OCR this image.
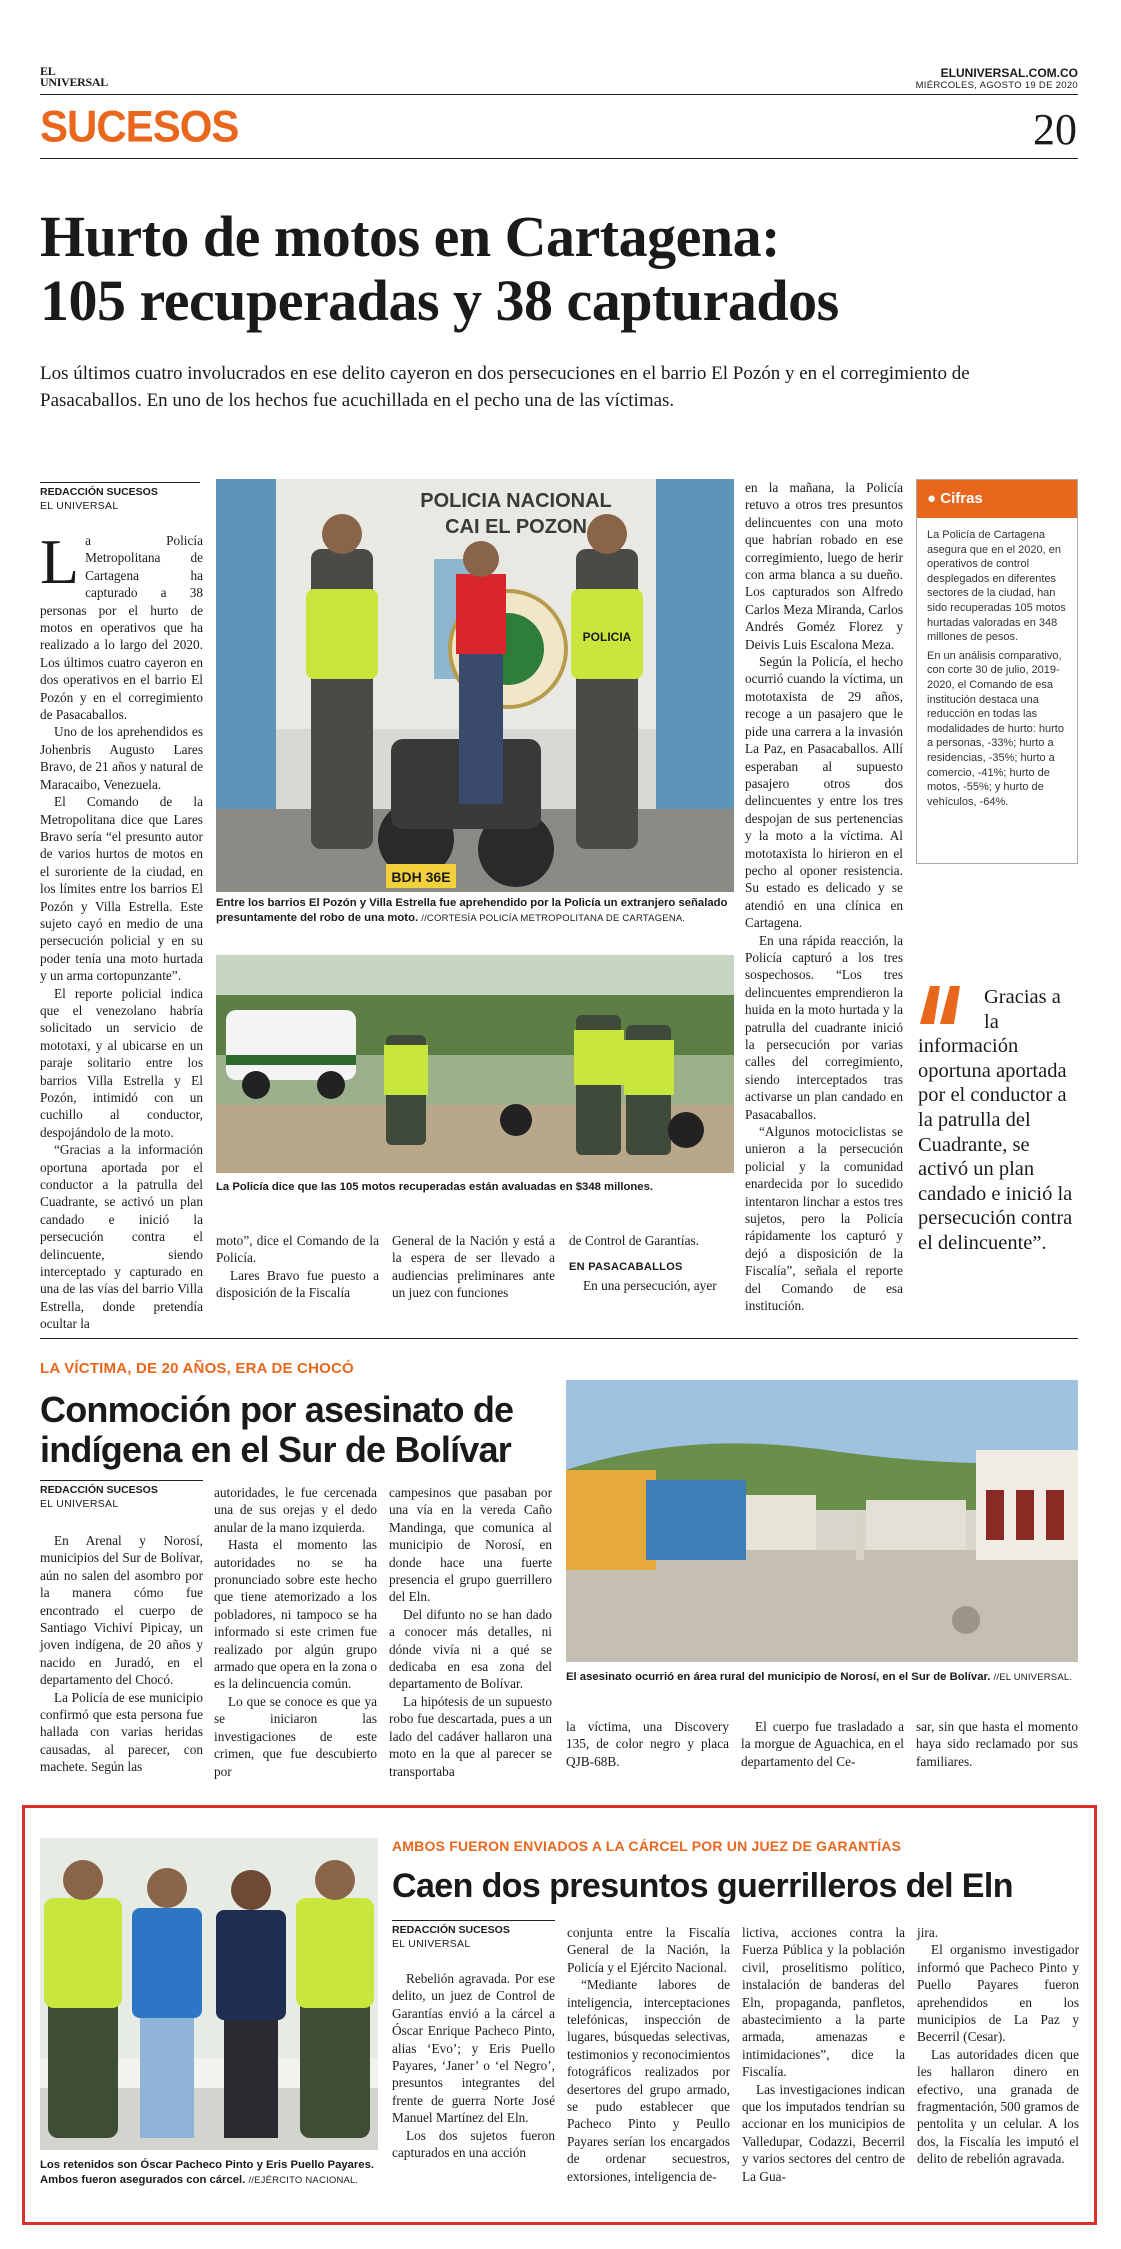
EL
UNIVERSAL
ELUNIVERSAL.COM.CO
MIÉRCOLES, AGOSTO 19 DE 2020
SUCESOS	20
Hurto de motos en Cartagena:
105 recuperadas y 38 capturados
Los últimos cuatro involucrados en ese delito cayeron en dos persecuciones en el barrio El Pozón y en el corregimiento de Pasacaballos. En uno de los hechos fue acuchillada en el pecho una de las víctimas.
REDACCIÓN SUCESOS
EL UNIVERSAL

La Policía Metropolitana de Cartagena ha capturado a 38 personas por el hurto de motos en operativos que ha realizado a lo largo del 2020. Los últimos cuatro cayeron en dos operativos en el barrio El Pozón y en el corregimiento de Pasacaballos.

Uno de los aprehendidos es Johenbris Augusto Lares Bravo, de 21 años y natural de Maracaibo, Venezuela.

El Comando de la Metropolitana dice que Lares Bravo sería “el presunto autor de varios hurtos de motos en el suroriente de la ciudad, en los límites entre los barrios El Pozón y Villa Estrella. Este sujeto cayó en medio de una persecución policial y en su poder tenía una moto hurtada y un arma cortopunzante”.

El reporte policial indica que el venezolano habría solicitado un servicio de mototaxi, y al ubicarse en un paraje solitario entre los barrios Villa Estrella y El Pozón, intimidó con un cuchillo al conductor, despojándolo de la moto.

“Gracias a la información oportuna aportada por el conductor a la patrulla del Cuadrante, se activó un plan candado e inició la persecución contra el delincuente, siendo interceptado y capturado en una de las vías del barrio Villa Estrella, donde pretendía ocultar la

POLICIA NACIONAL
CAI EL POZON
BDH 36E
POLICIA
Entre los barrios El Pozón y Villa Estrella fue aprehendido por la Policía un extranjero señalado presuntamente del robo de una moto. //CORTESÍA POLICÍA METROPOLITANA DE CARTAGENA.
La Policía dice que las 105 motos recuperadas están avaluadas en $348 millones.

moto”, dice el Comando de la Policía.

Lares Bravo fue puesto a disposición de la Fiscalía

General de la Nación y está a la espera de ser llevado a audiencias preliminares ante un juez con funciones

de Control de Garantías.

EN PASACABALLOS

En una persecución, ayer

en la mañana, la Policía retuvo a otros tres presuntos delincuentes con una moto que habrían robado en ese corregimiento, luego de herir con arma blanca a su dueño. Los capturados son Alfredo Carlos Meza Miranda, Carlos Andrés Goméz Florez y Deivis Luis Escalona Meza.

Según la Policía, el hecho ocurrió cuando la víctima, un mototaxista de 29 años, recoge a un pasajero que le pide una carrera a la invasión La Paz, en Pasacaballos. Allí esperaban al supuesto pasajero otros dos delincuentes y entre los tres despojan de sus pertenencias y la moto a la víctima. Al mototaxista lo hirieron en el pecho al oponer resistencia. Su estado es delicado y se atendió en una clínica en Cartagena.

En una rápida reacción, la Policía capturó a los tres sospechosos. “Los tres delincuentes emprendieron la huida en la moto hurtada y la patrulla del cuadrante inició la persecución por varias calles del corregimiento, siendo interceptados tras activarse un plan candado en Pasacaballos.

“Algunos motociclistas se unieron a la persecución policial y la comunidad enardecida por lo sucedido intentaron linchar a estos tres sujetos, pero la Policía rápidamente los capturó y dejó a disposición de la Fiscalía”, señala el reporte del Comando de esa institución.

● Cifras

La Policía de Cartagena asegura que en el 2020, en operativos de control desplegados en diferentes sectores de la ciudad, han sido recuperadas 105 motos hurtadas valoradas en 348 millones de pesos.

En un análisis comparativo, con corte 30 de julio, 2019-2020, el Comando de esa institución destaca una reducción en todas las modalidades de hurto: hurto a personas, -33%; hurto a residencias, -35%; hurto a comercio, -41%; hurto de motos, -55%; y hurto de vehículos, -64%.

Gracias a la
información oportuna aportada por el conductor a la patrulla del Cuadrante, se activó un plan candado e inició la persecución contra el delincuente”.
LA VÍCTIMA, DE 20 AÑOS, ERA DE CHOCÓ
Conmoción por asesinato de
indígena en el Sur de Bolívar
REDACCIÓN SUCESOS
EL UNIVERSAL

En Arenal y Norosí, municipios del Sur de Bolívar, aún no salen del asombro por la manera cómo fue encontrado el cuerpo de Santiago Vichiví Pipicay, un joven indígena, de 20 años y nacido en Juradó, en el departamento del Chocó.

La Policía de ese municipio confirmó que esta persona fue hallada con varias heridas causadas, al parecer, con machete. Según las

autoridades, le fue cercenada una de sus orejas y el dedo anular de la mano izquierda.

Hasta el momento las autoridades no se ha pronunciado sobre este hecho que tiene atemorizado a los pobladores, ni tampoco se ha informado si este crimen fue realizado por algún grupo armado que opera en la zona o es la delincuencia común.

Lo que se conoce es que ya se iniciaron las investigaciones de este crimen, que fue descubierto por

campesinos que pasaban por una vía en la vereda Caño Mandinga, que comunica al municipio de Norosí, en donde hace una fuerte presencia el grupo guerrillero del Eln.

Del difunto no se han dado a conocer más detalles, ni dónde vivía ni a qué se dedicaba en esa zona del departamento de Bolívar.

La hipótesis de un supuesto robo fue descartada, pues a un lado del cadáver hallaron una moto en la que al parecer se transportaba

El asesinato ocurrió en área rural del municipio de Norosí, en el Sur de Bolívar. //EL UNIVERSAL.

la víctima, una Discovery 135, de color negro y placa QJB-68B.

El cuerpo fue trasladado a la morgue de Aguachica, en el departamento del Ce-

sar, sin que hasta el momento haya sido reclamado por sus familiares.

Los retenidos son Óscar Pacheco Pinto y Eris Puello Payares. Ambos fueron asegurados con cárcel. //EJÉRCITO NACIONAL.
AMBOS FUERON ENVIADOS A LA CÁRCEL POR UN JUEZ DE GARANTÍAS
Caen dos presuntos guerrilleros del Eln
REDACCIÓN SUCESOS
EL UNIVERSAL

Rebelión agravada. Por ese delito, un juez de Control de Garantías envió a la cárcel a Óscar Enrique Pacheco Pinto, alias ‘Evo’; y Eris Puello Payares, ‘Janer’ o ‘el Negro’, presuntos integrantes del frente de guerra Norte José Manuel Martínez del Eln.

Los dos sujetos fueron capturados en una acción

conjunta entre la Fiscalía General de la Nación, la Policía y el Ejército Nacional.

“Mediante labores de inteligencia, interceptaciones telefónicas, inspección de lugares, búsquedas selectivas, testimonios y reconocimientos fotográficos realizados por desertores del grupo armado, se pudo establecer que Pacheco Pinto y Peullo Payares serían los encargados de ordenar secuestros, extorsiones, inteligencia de-

lictiva, acciones contra la Fuerza Pública y la población civil, proselitismo político, instalación de banderas del Eln, propaganda, panfletos, abastecimiento a la parte armada, amenazas e intimidaciones”, dice la Fiscalía.

Las investigaciones indican que los imputados tendrían su accionar en los municipios de Valledupar, Codazzi, Becerril y varios sectores del centro de La Gua-

jira.

El organismo investigador informó que Pacheco Pinto y Puello Payares fueron aprehendidos en los municipios de La Paz y Becerril (Cesar).

Las autoridades dicen que les hallaron dinero en efectivo, una granada de fragmentación, 500 gramos de pentolita y un celular. A los dos, la Fiscalía les imputó el delito de rebelión agravada.
